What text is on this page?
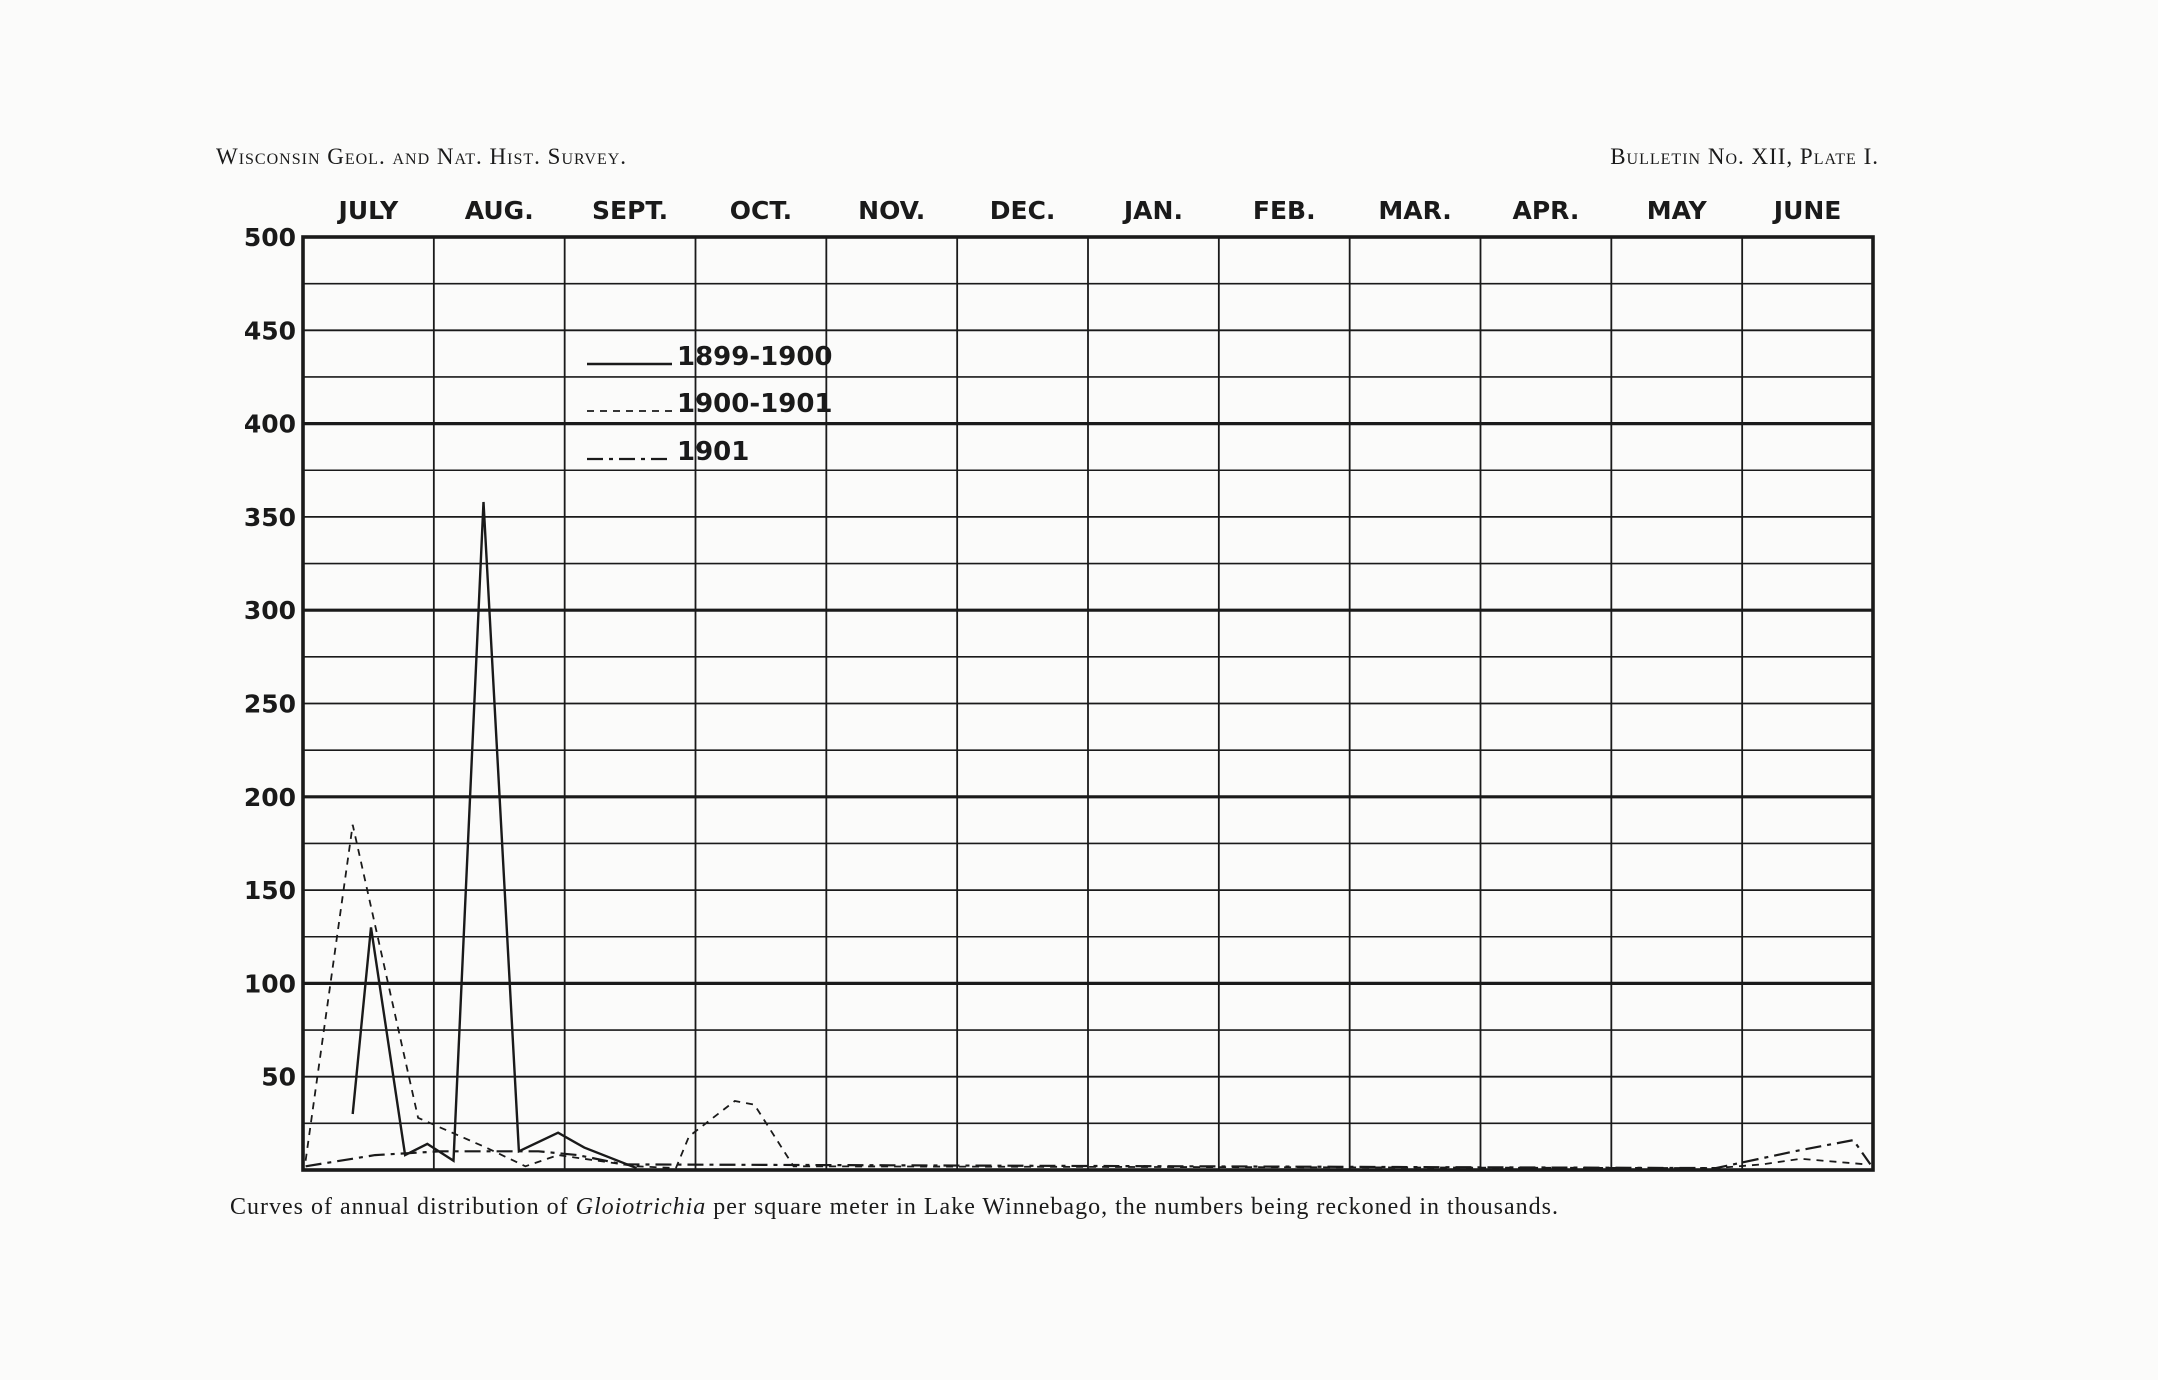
Wisconsin Geol. and Nat. Hist. Survey.	Bulletin No. XII, Plate I.
JULY	AUG. SEPT. OCT.	NOV.	DEC.	JAN.	FEB.	MAR. APR.	MAY	JUNE
500
450
400
350
300
250
200
150
100
50
1899-1900
1900-1901
1901
Curves of annual distribution of Gloiotrichia per square meter in Lake Winnebago, the numbers being reckoned in thousands.
